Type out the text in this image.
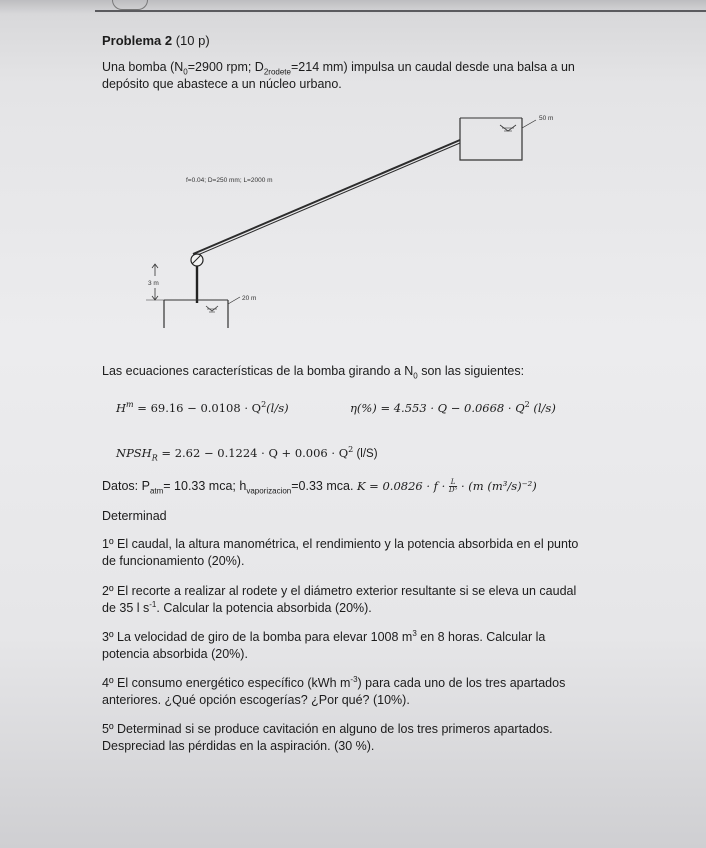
Problema 2 (10 p)
Una bomba ($N_0=2900$ rpm; $D_{2rodete}=214$ mm) impulsa un caudal desde una balsa a un
depósito que abastece a un núcleo urbano.
Las ecuaciones características de la bomba girando a $N_0$ son las siguientes:
$H^m = 69.16 - 0.0108 \cdot Q^2(l/s)$	$\eta(\%) = 4.553 \cdot Q - 0.0668 \cdot Q^2$ (l/s)
$NPSH_R = 2.62 - 0.1224 \cdot Q + 0.006 \cdot Q^2$ (l/S)
Datos: $P_{atm}= 10.33$ mca; $h_{vaporizacion}=0.33$ mca. $K = 0.0826 \cdot f \cdot \frac{L}{\text{D⁵}} \cdot (m$ (m³/s)⁻²)
Determinad
1º El caudal, la altura manométrica, el rendimiento y la potencia absorbida en el punto
de funcionamiento (20%).
2º El recorte a realizar al rodete y el diámetro exterior resultante si se eleva un caudal
de 35 l $s^{-1}$. Calcular la potencia absorbida (20%).
3º La velocidad de giro de la bomba para elevar 1008 $m^3$ en 8 horas. Calcular la
potencia absorbida (20%).
4º El consumo energético específico (kWh $m^{-3}$) para cada uno de los tres apartados
anteriores. ¿Qué opción escogerías? ¿Por qué? (10%).
5º Determinad si se produce cavitación en alguno de los tres primeros apartados.
Despreciad las pérdidas en la aspiración. (30 %).
50 m
f=0.04; D=250 mm; L=2000 m
3 m
20 m
